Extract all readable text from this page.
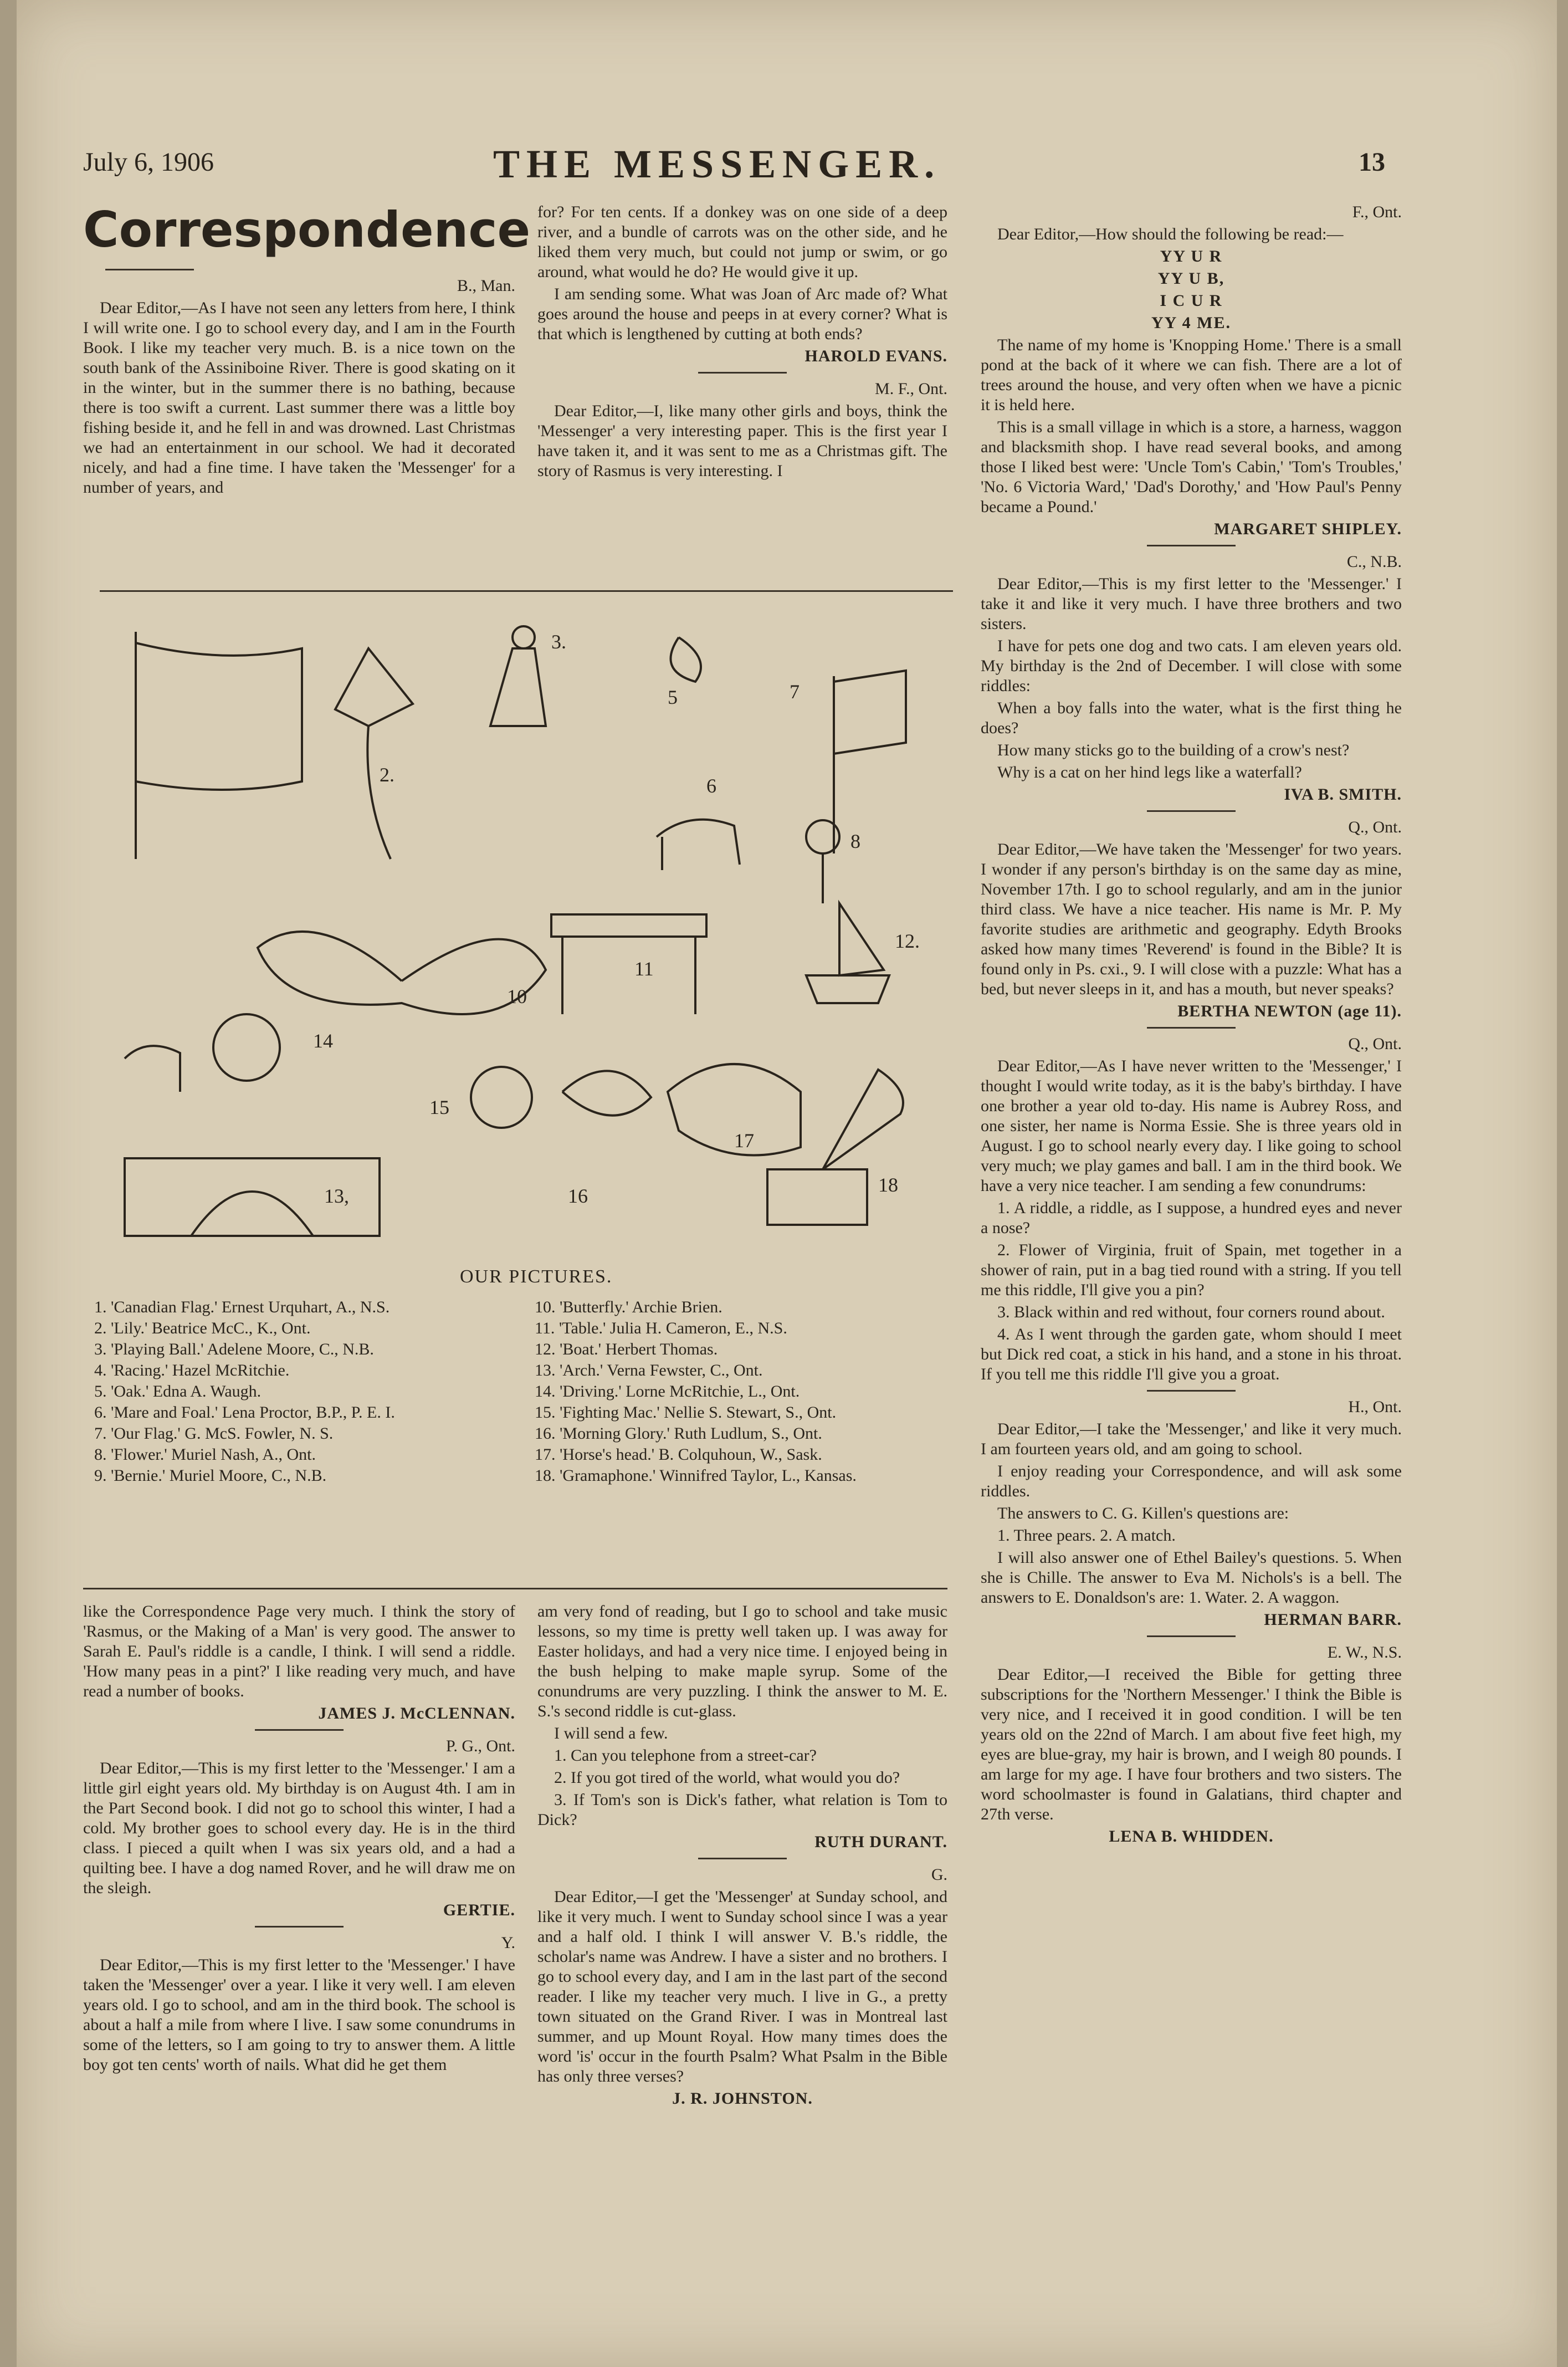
July 6, 1906	THE MESSENGER.	13

Correspondence

B., Man.

Dear Editor,—As I have not seen any letters from here, I think I will write one. I go to school every day, and I am in the Fourth Book. I like my teacher very much. B. is a nice town on the south bank of the Assiniboine River. There is good skating on it in the winter, but in the summer there is no bathing, because there is too swift a current. Last summer there was a little boy fishing beside it, and he fell in and was drowned. Last Christmas we had an entertainment in our school. We had it decorated nicely, and had a fine time. I have taken the 'Messenger' for a number of years, and

for? For ten cents. If a donkey was on one side of a deep river, and a bundle of carrots was on the other side, and he liked them very much, but could not jump or swim, or go around, what would he do? He would give it up.

I am sending some. What was Joan of Arc made of? What goes around the house and peeps in at every corner? What is that which is lengthened by cutting at both ends?

HAROLD EVANS.

M. F., Ont.

Dear Editor,—I, like many other girls and boys, think the 'Messenger' a very interesting paper. This is the first year I have taken it, and it was sent to me as a Christmas gift. The story of Rasmus is very interesting. I

2.
3.
5
6
7
8
10
11
12.
13,
14
15
16
17
18
OUR PICTURES.
1. 'Canadian Flag.' Ernest Urquhart, A., N.S.
2. 'Lily.' Beatrice McC., K., Ont.
3. 'Playing Ball.' Adelene Moore, C., N.B.
4. 'Racing.' Hazel McRitchie.
5. 'Oak.' Edna A. Waugh.
6. 'Mare and Foal.' Lena Proctor, B.P., P. E. I.
7. 'Our Flag.' G. McS. Fowler, N. S.
8. 'Flower.' Muriel Nash, A., Ont.
9. 'Bernie.' Muriel Moore, C., N.B.
10. 'Butterfly.' Archie Brien.
11. 'Table.' Julia H. Cameron, E., N.S.
12. 'Boat.' Herbert Thomas.
13. 'Arch.' Verna Fewster, C., Ont.
14. 'Driving.' Lorne McRitchie, L., Ont.
15. 'Fighting Mac.' Nellie S. Stewart, S., Ont.
16. 'Morning Glory.' Ruth Ludlum, S., Ont.
17. 'Horse's head.' B. Colquhoun, W., Sask.
18. 'Gramaphone.' Winnifred Taylor, L., Kansas.

like the Correspondence Page very much. I think the story of 'Rasmus, or the Making of a Man' is very good. The answer to Sarah E. Paul's riddle is a candle, I think. I will send a riddle. 'How many peas in a pint?' I like reading very much, and have read a number of books.

JAMES J. McCLENNAN.

P. G., Ont.

Dear Editor,—This is my first letter to the 'Messenger.' I am a little girl eight years old. My birthday is on August 4th. I am in the Part Second book. I did not go to school this winter, I had a cold. My brother goes to school every day. He is in the third class. I pieced a quilt when I was six years old, and a had a quilting bee. I have a dog named Rover, and he will draw me on the sleigh.

GERTIE.

Y.

Dear Editor,—This is my first letter to the 'Messenger.' I have taken the 'Messenger' over a year. I like it very well. I am eleven years old. I go to school, and am in the third book. The school is about a half a mile from where I live. I saw some conundrums in some of the letters, so I am going to try to answer them. A little boy got ten cents' worth of nails. What did he get them

am very fond of reading, but I go to school and take music lessons, so my time is pretty well taken up. I was away for Easter holidays, and had a very nice time. I enjoyed being in the bush helping to make maple syrup. Some of the conundrums are very puzzling. I think the answer to M. E. S.'s second riddle is cut-glass.

I will send a few.

1. Can you telephone from a street-car?

2. If you got tired of the world, what would you do?

3. If Tom's son is Dick's father, what relation is Tom to Dick?

RUTH DURANT.

G.

Dear Editor,—I get the 'Messenger' at Sunday school, and like it very much. I went to Sunday school since I was a year and a half old. I think I will answer V. B.'s riddle, the scholar's name was Andrew. I have a sister and no brothers. I go to school every day, and I am in the last part of the second reader. I like my teacher very much. I live in G., a pretty town situated on the Grand River. I was in Montreal last summer, and up Mount Royal. How many times does the word 'is' occur in the fourth Psalm? What Psalm in the Bible has only three verses?

J. R. JOHNSTON.

F., Ont.

Dear Editor,—How should the following be read:—

YY U R

YY U B,

I C U R

YY 4 ME.

The name of my home is 'Knopping Home.' There is a small pond at the back of it where we can fish. There are a lot of trees around the house, and very often when we have a picnic it is held here.

This is a small village in which is a store, a harness, waggon and blacksmith shop. I have read several books, and among those I liked best were: 'Uncle Tom's Cabin,' 'Tom's Troubles,' 'No. 6 Victoria Ward,' 'Dad's Dorothy,' and 'How Paul's Penny became a Pound.'

MARGARET SHIPLEY.

C., N.B.

Dear Editor,—This is my first letter to the 'Messenger.' I take it and like it very much. I have three brothers and two sisters.

I have for pets one dog and two cats. I am eleven years old. My birthday is the 2nd of December. I will close with some riddles:

When a boy falls into the water, what is the first thing he does?

How many sticks go to the building of a crow's nest?

Why is a cat on her hind legs like a waterfall?

IVA B. SMITH.

Q., Ont.

Dear Editor,—We have taken the 'Messenger' for two years. I wonder if any person's birthday is on the same day as mine, November 17th. I go to school regularly, and am in the junior third class. We have a nice teacher. His name is Mr. P. My favorite studies are arithmetic and geography. Edyth Brooks asked how many times 'Reverend' is found in the Bible? It is found only in Ps. cxi., 9. I will close with a puzzle: What has a bed, but never sleeps in it, and has a mouth, but never speaks?

BERTHA NEWTON (age 11).

Q., Ont.

Dear Editor,—As I have never written to the 'Messenger,' I thought I would write today, as it is the baby's birthday. I have one brother a year old to-day. His name is Aubrey Ross, and one sister, her name is Norma Essie. She is three years old in August. I go to school nearly every day. I like going to school very much; we play games and ball. I am in the third book. We have a very nice teacher. I am sending a few conundrums:

1. A riddle, a riddle, as I suppose, a hundred eyes and never a nose?

2. Flower of Virginia, fruit of Spain, met together in a shower of rain, put in a bag tied round with a string. If you tell me this riddle, I'll give you a pin?

3. Black within and red without, four corners round about.

4. As I went through the garden gate, whom should I meet but Dick red coat, a stick in his hand, and a stone in his throat. If you tell me this riddle I'll give you a groat.

H., Ont.

Dear Editor,—I take the 'Messenger,' and like it very much. I am fourteen years old, and am going to school.

I enjoy reading your Correspondence, and will ask some riddles.

The answers to C. G. Killen's questions are:

1. Three pears. 2. A match.

I will also answer one of Ethel Bailey's questions. 5. When she is Chille. The answer to Eva M. Nichols's is a bell. The answers to E. Donaldson's are: 1. Water. 2. A waggon.

HERMAN BARR.

E. W., N.S.

Dear Editor,—I received the Bible for getting three subscriptions for the 'Northern Messenger.' I think the Bible is very nice, and I received it in good condition. I will be ten years old on the 22nd of March. I am about five feet high, my eyes are blue-gray, my hair is brown, and I weigh 80 pounds. I am large for my age. I have four brothers and two sisters. The word schoolmaster is found in Galatians, third chapter and 27th verse.

LENA B. WHIDDEN.
